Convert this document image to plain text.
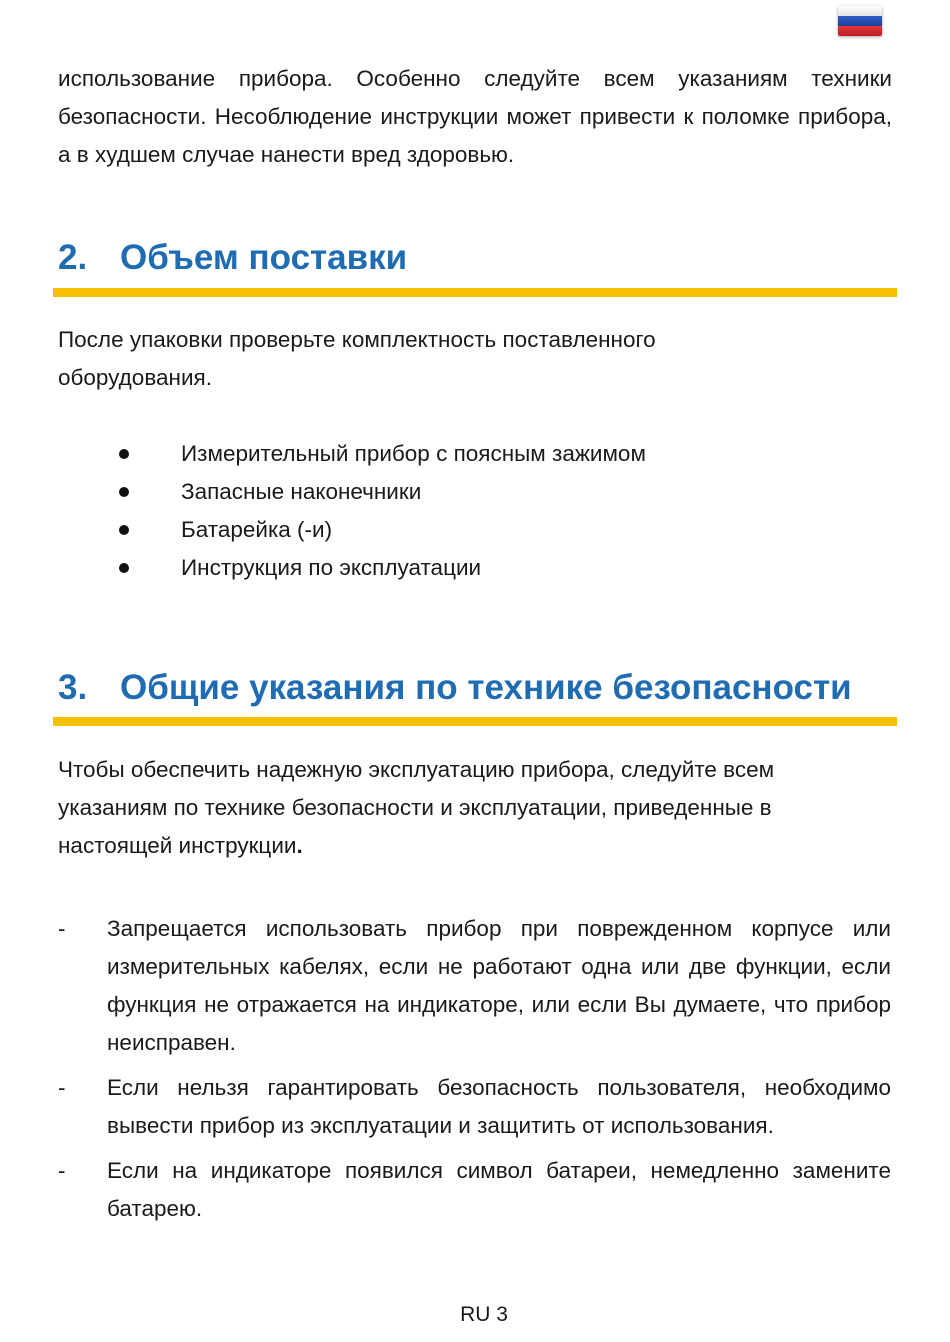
использование прибора. Особенно следуйте всем указаниям техники безопасности. Несоблюдение инструкции может привести к поломке прибора, а в худшем случае нанести вред здоровью.

2. Объем поставки

После упаковки проверьте комплектность поставленного оборудования.

Измерительный прибор с поясным зажимом
Запасные наконечники
Батарейка (-и)
Инструкция по эксплуатации
3. Общие указания по технике безопасности

Чтобы обеспечить надежную эксплуатацию прибора, следуйте всем указаниям по технике безопасности и эксплуатации, приведенные в настоящей инструкции.

- Запрещается использовать прибор при поврежденном корпусе или измерительных кабелях, если не работают одна или две функции, если функция не отражается на индикаторе, или если Вы думаете, что прибор неисправен.
- Если нельзя гарантировать безопасность пользователя, необходимо вывести прибор из эксплуатации и защитить от использования.
- Если на индикаторе появился символ батареи, немедленно замените батарею.
RU 3
